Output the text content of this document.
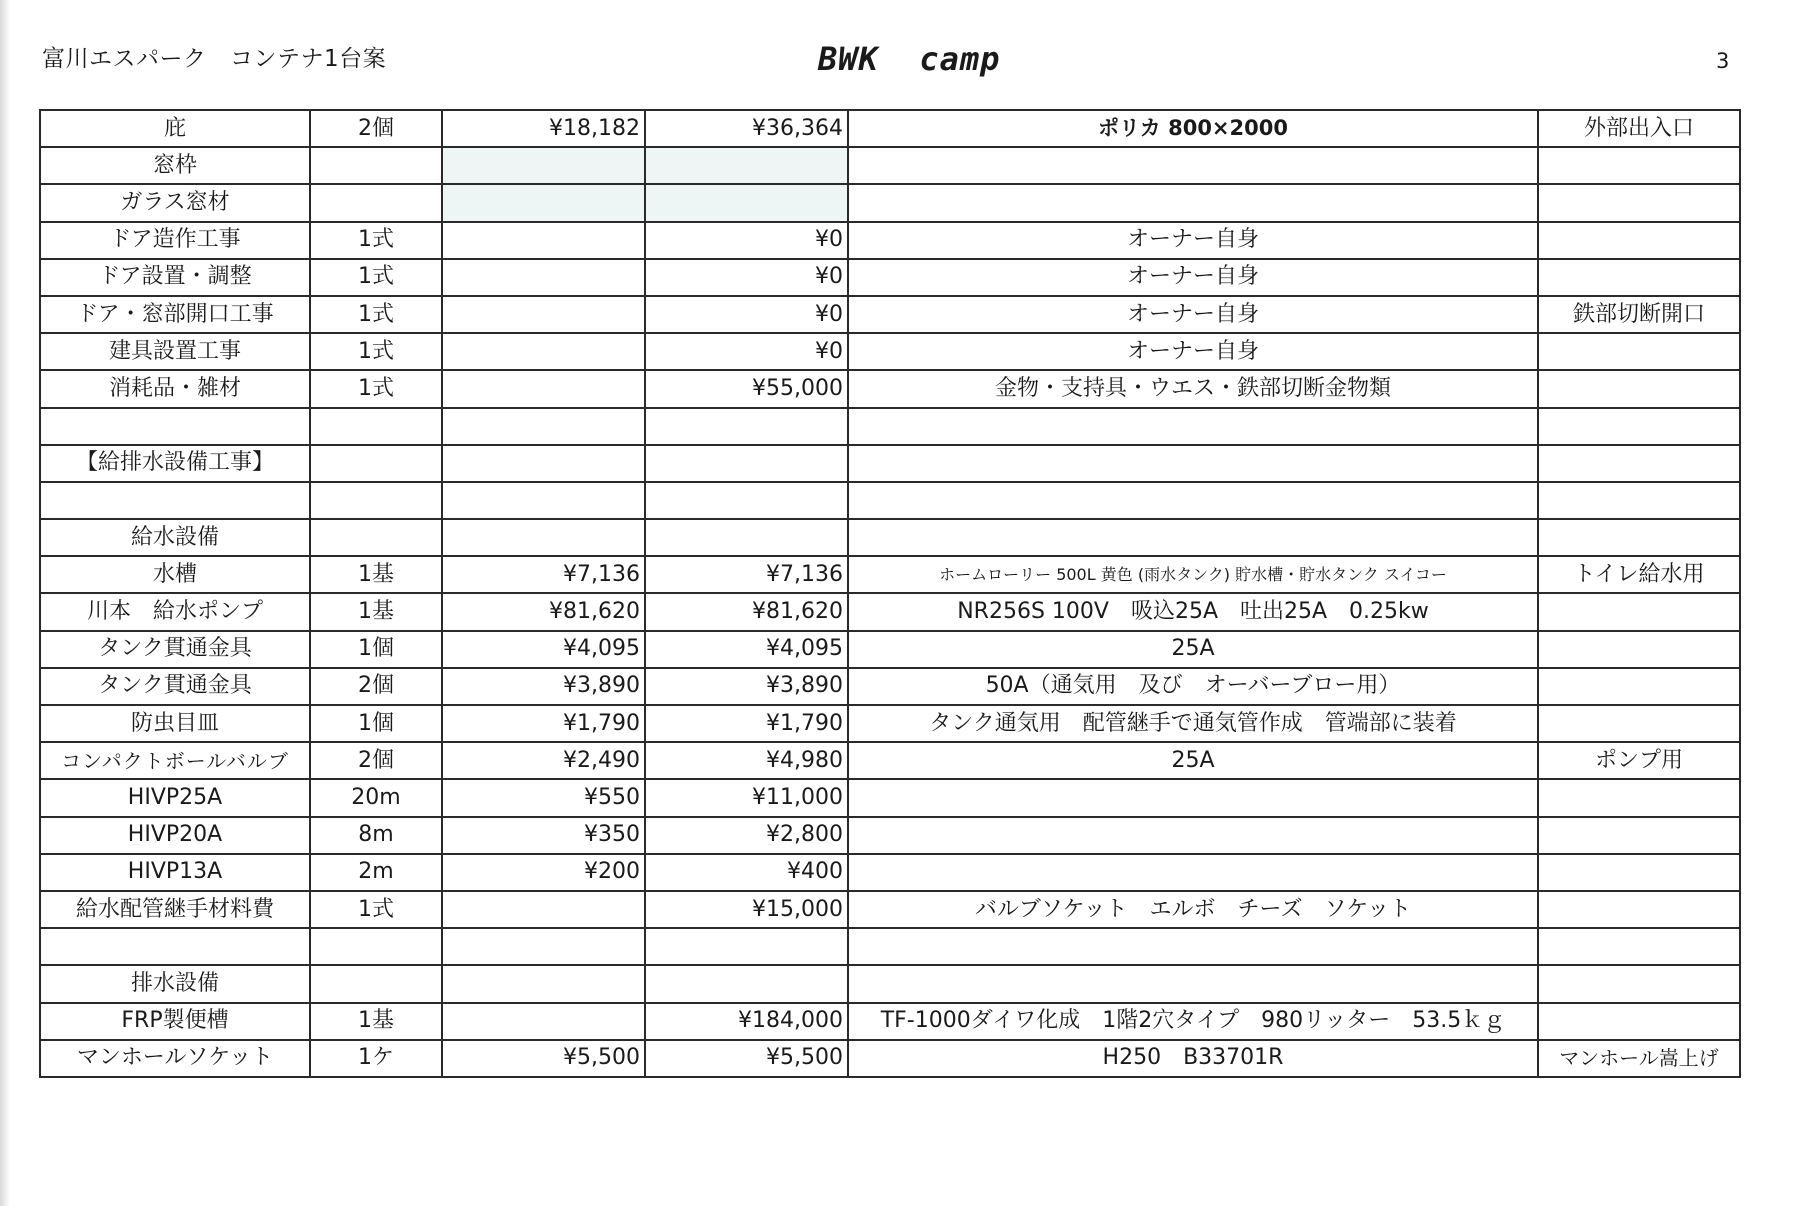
富川エスパーク　コンテナ1台案	BWK  camp	3
庇	2個	¥18,182	¥36,364	ポリカ 800×2000	外部出入口
窓枠					
ガラス窓材					
ドア造作工事	1式		¥0	オーナー自身	
ドア設置・調整	1式		¥0	オーナー自身	
ドア・窓部開口工事	1式		¥0	オーナー自身	鉄部切断開口
建具設置工事	1式		¥0	オーナー自身	
消耗品・雑材	1式		¥55,000	金物・支持具・ウエス・鉄部切断金物類	

【給排水設備工事】					

給水設備					
水槽	1基	¥7,136	¥7,136	ホームローリー 500L 黄色 (雨水タンク) 貯水槽・貯水タンク スイコー	トイレ給水用
川本　給水ポンプ	1基	¥81,620	¥81,620	NR256S 100V　吸込25A　吐出25A　0.25kw	
タンク貫通金具	1個	¥4,095	¥4,095	25A	
タンク貫通金具	2個	¥3,890	¥3,890	50A（通気用　及び　オーバーブロー用）	
防虫目皿	1個	¥1,790	¥1,790	タンク通気用　配管継手で通気管作成　管端部に装着	
コンパクトボールバルブ	2個	¥2,490	¥4,980	25A	ポンプ用
HIVP25A	20m	¥550	¥11,000		
HIVP20A	8m	¥350	¥2,800		
HIVP13A	2m	¥200	¥400		
給水配管継手材料費	1式		¥15,000	バルブソケット　エルボ　チーズ　ソケット	

排水設備					
FRP製便槽	1基		¥184,000	TF-1000ダイワ化成　1階2穴タイプ　980リッター　53.5ｋｇ	
マンホールソケット	1ケ	¥5,500	¥5,500	H250　B33701R	マンホール嵩上げ
